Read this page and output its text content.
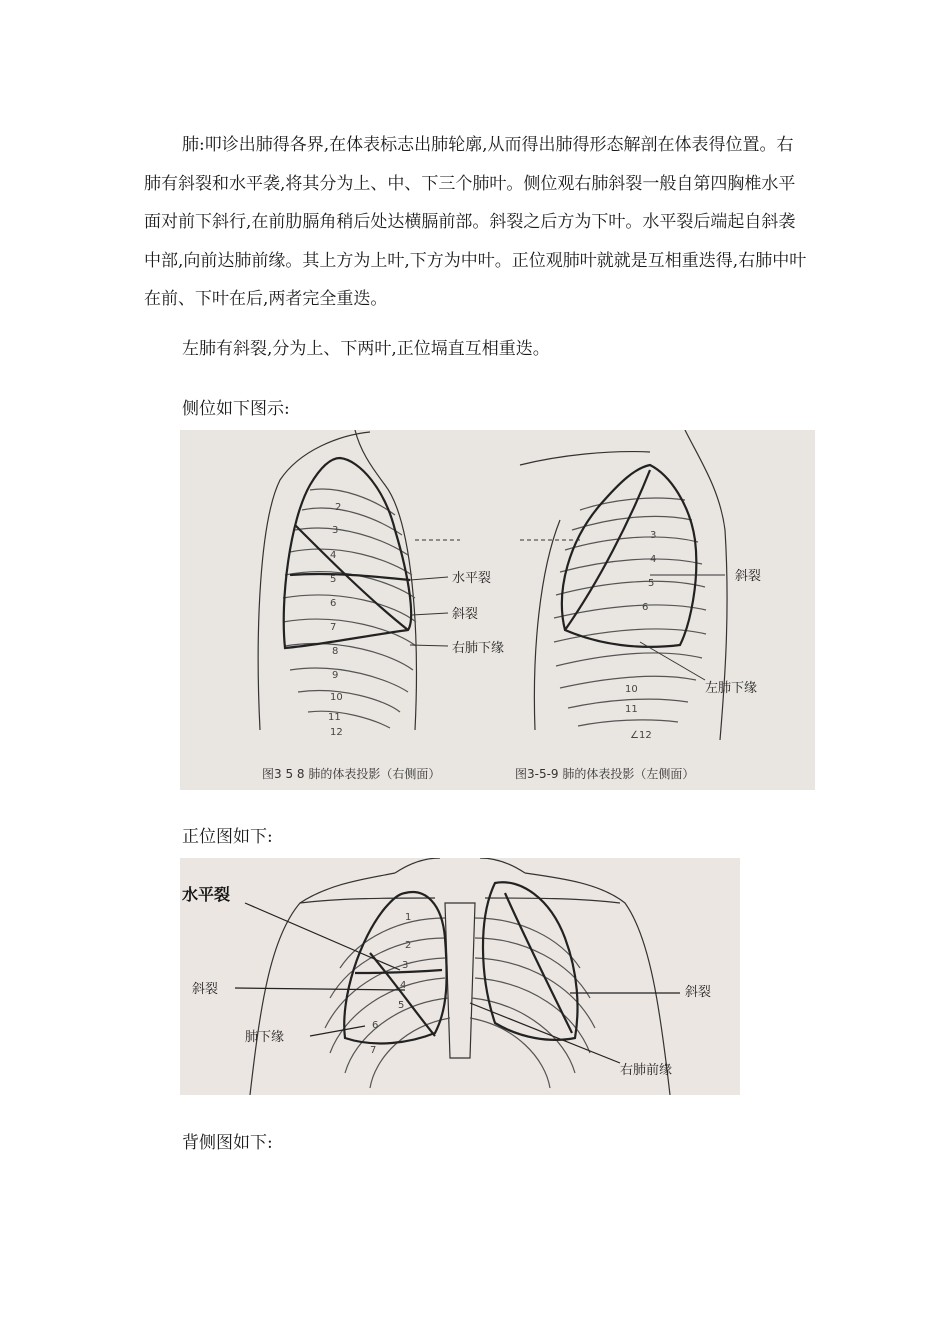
肺:叩诊出肺得各界,在体表标志出肺轮廓,从而得出肺得形态解剖在体表得位置。右肺有斜裂和水平袭,将其分为上、中、下三个肺叶。侧位观右肺斜裂一般自第四胸椎水平面对前下斜行,在前肋膈角稍后处达横膈前部。斜裂之后方为下叶。水平裂后端起自斜袭中部,向前达肺前缘。其上方为上叶,下方为中叶。正位观肺叶就就是互相重迭得,右肺中叶在前、下叶在后,两者完全重迭。

左肺有斜裂,分为上、下两叶,正位塥直互相重迭。

侧位如下图示:

水平裂
斜裂
右肺下缘
2
3
4
5
6
7
8
9
10
11
12
斜裂
左肺下缘
3
4
5
6
10
11
∠12
图3 5 8 肺的体表投影（右侧面）	图3-5-9 肺的体表投影（左侧面）

正位图如下:

1
2
3
4
5
6
7
水平裂
斜裂
肺下缘
斜裂
右肺前缘

背侧图如下:
